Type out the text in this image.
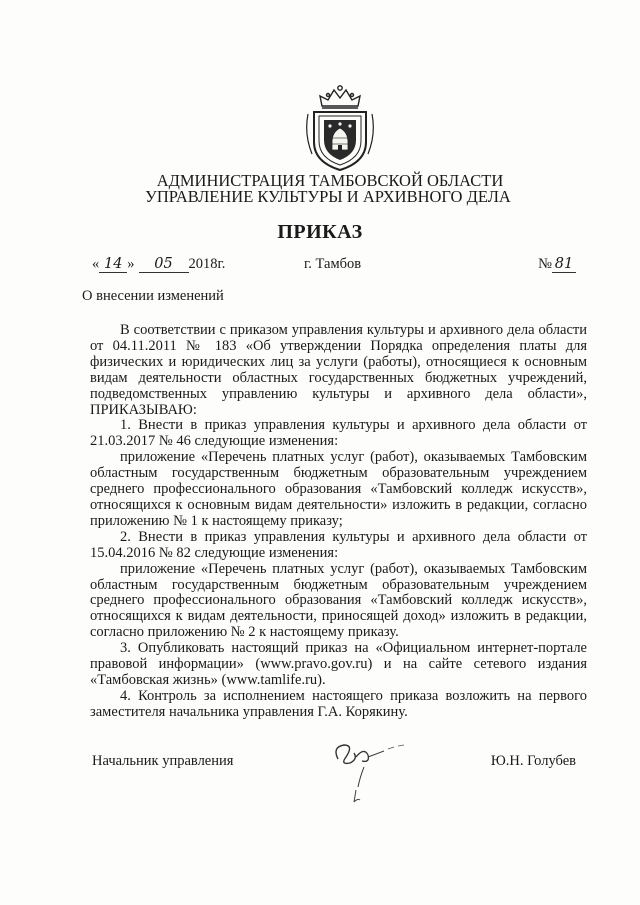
АДМИНИСТРАЦИЯ ТАМБОВСКОЙ ОБЛАСТИ
УПРАВЛЕНИЕ КУЛЬТУРЫ И АРХИВНОГО ДЕЛА
ПРИКАЗ
« 14 » 05 2018г.	г. Тамбов	№ 81
О внесении изменений

В соответствии с приказом управления культуры и архивного дела области от 04.11.2011 № 183 «Об утверждении Порядка определения платы для физических и юридических лиц за услуги (работы), относящиеся к основным видам деятельности областных государственных бюджетных учреждений, подведомственных управлению культуры и архивного дела области», ПРИКАЗЫВАЮ:

1. Внести в приказ управления культуры и архивного дела области от 21.03.2017 № 46 следующие изменения:

приложение «Перечень платных услуг (работ), оказываемых Тамбовским областным государственным бюджетным образовательным учреждением среднего профессионального образования «Тамбовский колледж искусств», относящихся к основным видам деятельности» изложить в редакции, согласно приложению № 1 к настоящему приказу;

2. Внести в приказ управления культуры и архивного дела области от 15.04.2016 № 82 следующие изменения:

приложение «Перечень платных услуг (работ), оказываемых Тамбовским областным государственным бюджетным образовательным учреждением среднего профессионального образования «Тамбовский колледж искусств», относящихся к видам деятельности, приносящей доход» изложить в редакции, согласно приложению № 2 к настоящему приказу.

3. Опубликовать настоящий приказ на «Официальном интернет-портале правовой информации» (www.pravo.gov.ru) и на сайте сетевого издания «Тамбовская жизнь» (www.tamlife.ru).

4. Контроль за исполнением настоящего приказа возложить на первого заместителя начальника управления Г.А. Корякину.

Начальник управления	Ю.Н. Голубев
